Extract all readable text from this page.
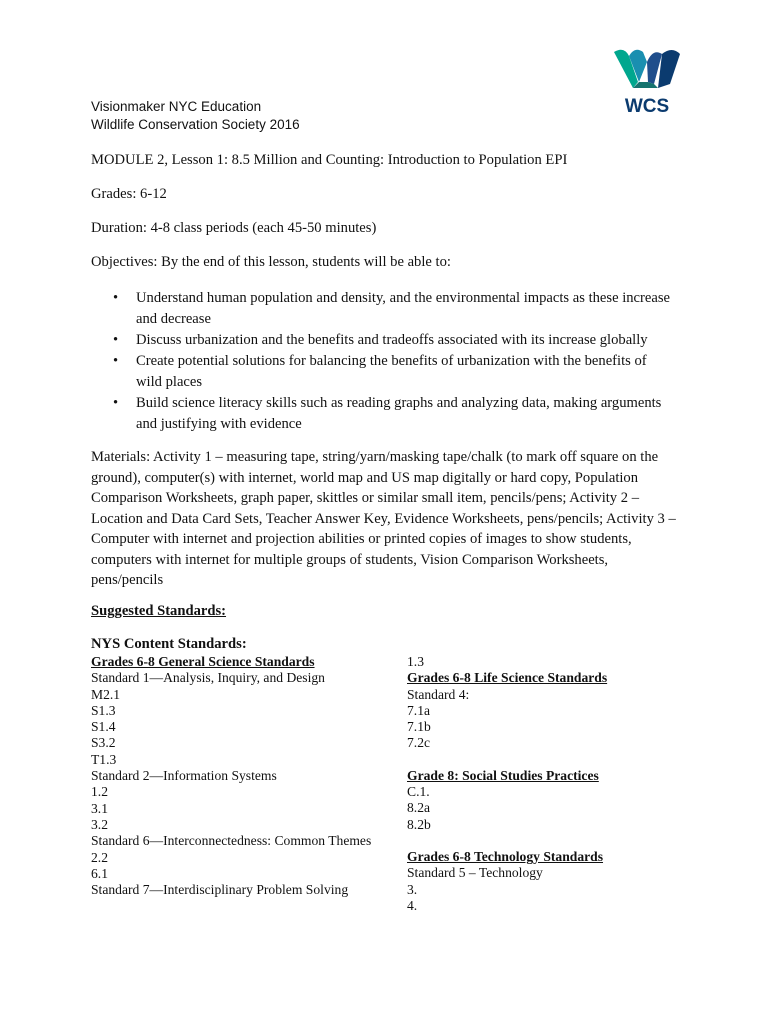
WCS
Visionmaker NYC Education
Wildlife Conservation Society 2016
MODULE 2, Lesson 1: 8.5 Million and Counting: Introduction to Population EPI
Grades: 6-12
Duration: 4-8 class periods (each 45-50 minutes)
Objectives: By the end of this lesson, students will be able to:
• Understand human population and density, and the environmental impacts as these increase and decrease
• Discuss urbanization and the benefits and tradeoffs associated with its increase globally
• Create potential solutions for balancing the benefits of urbanization with the benefits of wild places
• Build science literacy skills such as reading graphs and analyzing data, making arguments and justifying with evidence
Materials: Activity 1 – measuring tape, string/yarn/masking tape/chalk (to mark off square on the ground), computer(s) with internet, world map and US map digitally or hard copy, Population Comparison Worksheets, graph paper, skittles or similar small item, pencils/pens; Activity 2 – Location and Data Card Sets, Teacher Answer Key, Evidence Worksheets, pens/pencils; Activity 3 – Computer with internet and projection abilities or printed copies of images to show students, computers with internet for multiple groups of students, Vision Comparison Worksheets, pens/pencils
Suggested Standards:
NYS Content Standards:
Grades 6-8 General Science Standards
Standard 1—Analysis, Inquiry, and Design
M2.1
S1.3
S1.4
S3.2
T1.3
Standard 2—Information Systems
1.2
3.1
3.2
Standard 6—Interconnectedness: Common Themes
2.2
6.1
Standard 7—Interdisciplinary Problem Solving
1.3
Grades 6-8 Life Science Standards
Standard 4:
7.1a
7.1b
7.2c
Grade 8: Social Studies Practices
C.1.
8.2a
8.2b
Grades 6-8 Technology Standards
Standard 5 – Technology
3.
4.
